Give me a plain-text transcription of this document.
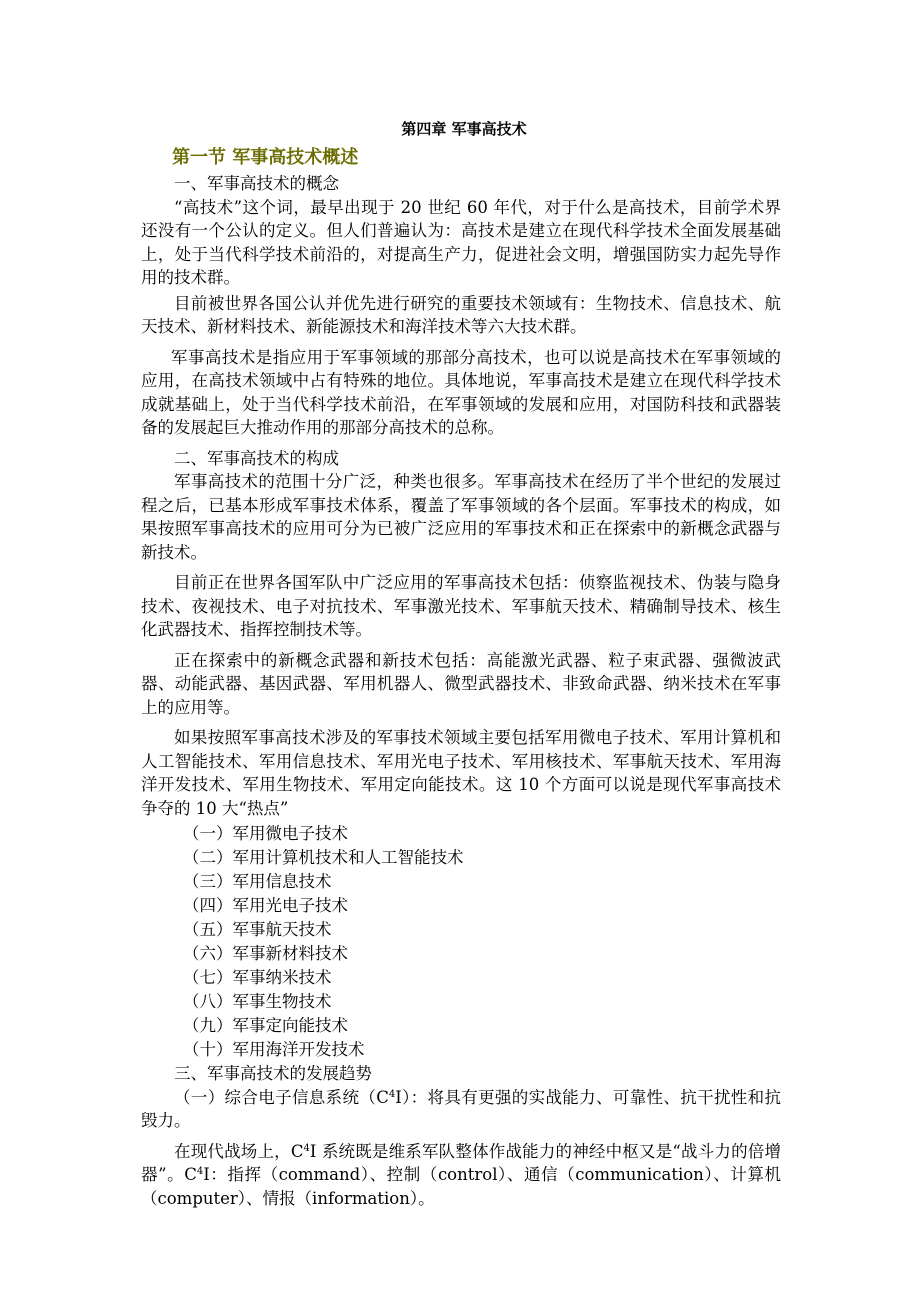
第四章 军事高技术
第一节 军事高技术概述
一、军事高技术的概念

“高技术”这个词，最早出现于 20 世纪 60 年代，对于什么是高技术，目前学术界还没有一个公认的定义。但人们普遍认为：高技术是建立在现代科学技术全面发展基础上，处于当代科学技术前沿的，对提高生产力，促进社会文明，增强国防实力起先导作用的技术群。

目前被世界各国公认并优先进行研究的重要技术领域有：生物技术、信息技术、航天技术、新材料技术、新能源技术和海洋技术等六大技术群。

军事高技术是指应用于军事领域的那部分高技术，也可以说是高技术在军事领域的应用，在高技术领域中占有特殊的地位。具体地说，军事高技术是建立在现代科学技术成就基础上，处于当代科学技术前沿，在军事领域的发展和应用，对国防科技和武器装备的发展起巨大推动作用的那部分高技术的总称。

二、军事高技术的构成

军事高技术的范围十分广泛，种类也很多。军事高技术在经历了半个世纪的发展过程之后，已基本形成军事技术体系，覆盖了军事领域的各个层面。军事技术的构成，如果按照军事高技术的应用可分为已被广泛应用的军事技术和正在探索中的新概念武器与新技术。

目前正在世界各国军队中广泛应用的军事高技术包括：侦察监视技术、伪装与隐身技术、夜视技术、电子对抗技术、军事激光技术、军事航天技术、精确制导技术、核生化武器技术、指挥控制技术等。

正在探索中的新概念武器和新技术包括：高能激光武器、粒子束武器、强微波武器、动能武器、基因武器、军用机器人、微型武器技术、非致命武器、纳米技术在军事上的应用等。

如果按照军事高技术涉及的军事技术领域主要包括军用微电子技术、军用计算机和人工智能技术、军用信息技术、军用光电子技术、军用核技术、军事航天技术、军用海洋开发技术、军用生物技术、军用定向能技术。这 10 个方面可以说是现代军事高技术争夺的 10 大“热点”

（一）军用微电子技术
（二）军用计算机技术和人工智能技术
（三）军用信息技术
（四）军用光电子技术
（五）军事航天技术
（六）军事新材料技术
（七）军事纳米技术
（八）军事生物技术
（九）军事定向能技术
（十）军用海洋开发技术
三、军事高技术的发展趋势

（一）综合电子信息系统$(C^4I)$：将具有更强的实战能力、可靠性、抗干扰性和抗毁力。

在现代战场上，$C^4I$ 系统既是维系军队整体作战能力的神经中枢又是“战斗力的倍增器”。$C^4I$：指挥（command）、控制（control）、通信（communication）、计算机（computer）、情报（information）。
